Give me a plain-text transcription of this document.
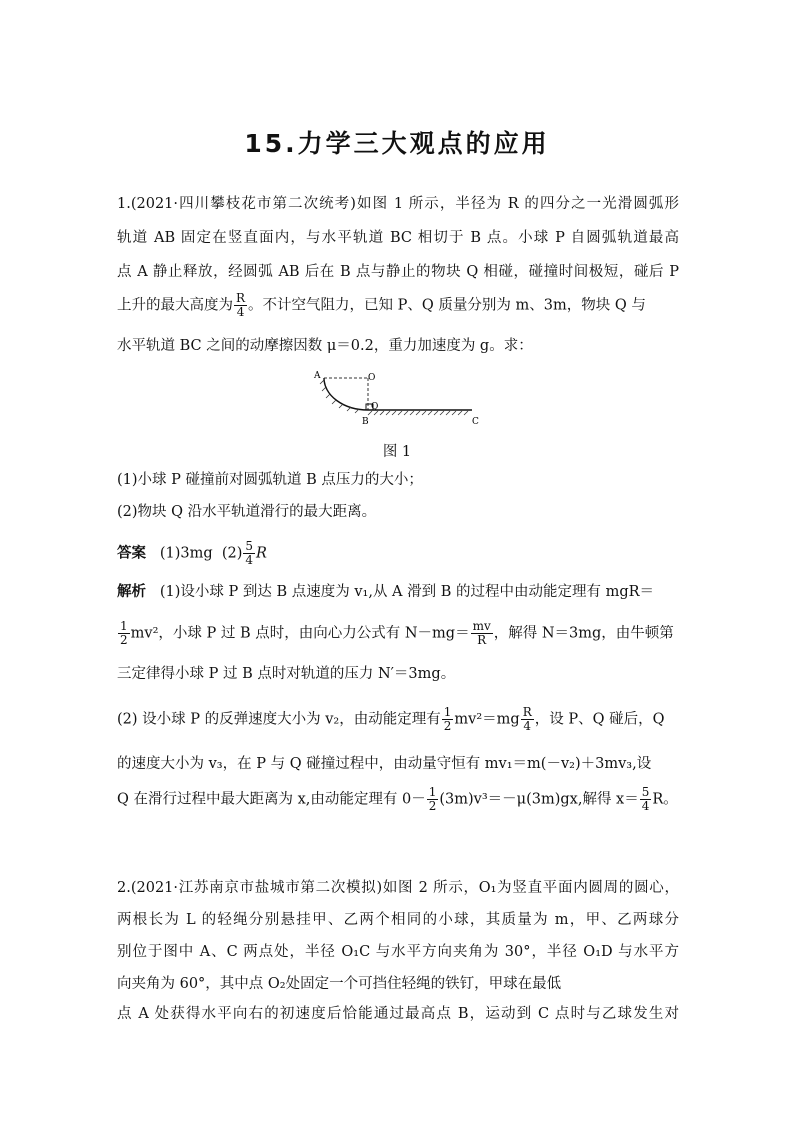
15.力学三大观点的应用
1.(2021·四川攀枝花市第二次统考)如图 1 所示，半径为 R 的四分之一光滑圆弧形
轨道 AB 固定在竖直面内，与水平轨道 BC 相切于 B 点。小球 P 自圆弧轨道最高
点 A 静止释放，经圆弧 AB 后在 B 点与静止的物块 Q 相碰，碰撞时间极短，碰后 P
上升的最大高度为 $\frac{R}{4}$ 。不计空气阻力，已知 P、Q 质量分别为 m、3m，物块 Q 与
水平轨道 BC 之间的动摩擦因数 μ＝0.2，重力加速度为 g。求：
A	O
Q
B	C
图 1
(1)小球 P 碰撞前对圆弧轨道 B 点压力的大小；
(2)物块 Q 沿水平轨道滑行的最大距离。
答案 (1)3mg $(2) \frac{5}{4}$ R
解析 (1)设小球 P 到达 B 点速度为 v₁,从 A 滑到 B 的过程中由动能定理有 mgR＝
$\frac{1}{2} mv^2$，小球 P 过 B 点时，由向心力公式有 $N-mg= \frac{mv}{R}$ ，解得 N＝3mg，由牛顿第
三定律得小球 P 过 B 点时对轨道的压力 N′＝3mg。
(2) 设小球 P 的反弹速度大小为 v₂，由动能定理有 $\frac{1}{2} mv^2=mg \frac{R}{4}$ ，设 P、Q 碰后，Q
的速度大小为 v₃，在 P 与 Q 碰撞过程中，由动量守恒有 mv₁＝m(－v₂)＋3mv₃,设
Q 在滑行过程中最大距离为 x,由动能定理有 $0- \frac{1}{2} (3m)v^3=-\mu(3m)gx$,解得 $x= \frac{5}{4}$ R。
2.(2021·江苏南京市盐城市第二次模拟)如图 2 所示，O₁为竖直平面内圆周的圆心，
两根长为 L 的轻绳分别悬挂甲、乙两个相同的小球，其质量为 m，甲、乙两球分
别位于图中 A、C 两点处，半径 O₁C 与水平方向夹角为 30°，半径 O₁D 与水平方
向夹角为 60°，其中点 O₂处固定一个可挡住轻绳的铁钉，甲球在最低
点 A 处获得水平向右的初速度后恰能通过最高点 B，运动到 C 点时与乙球发生对
